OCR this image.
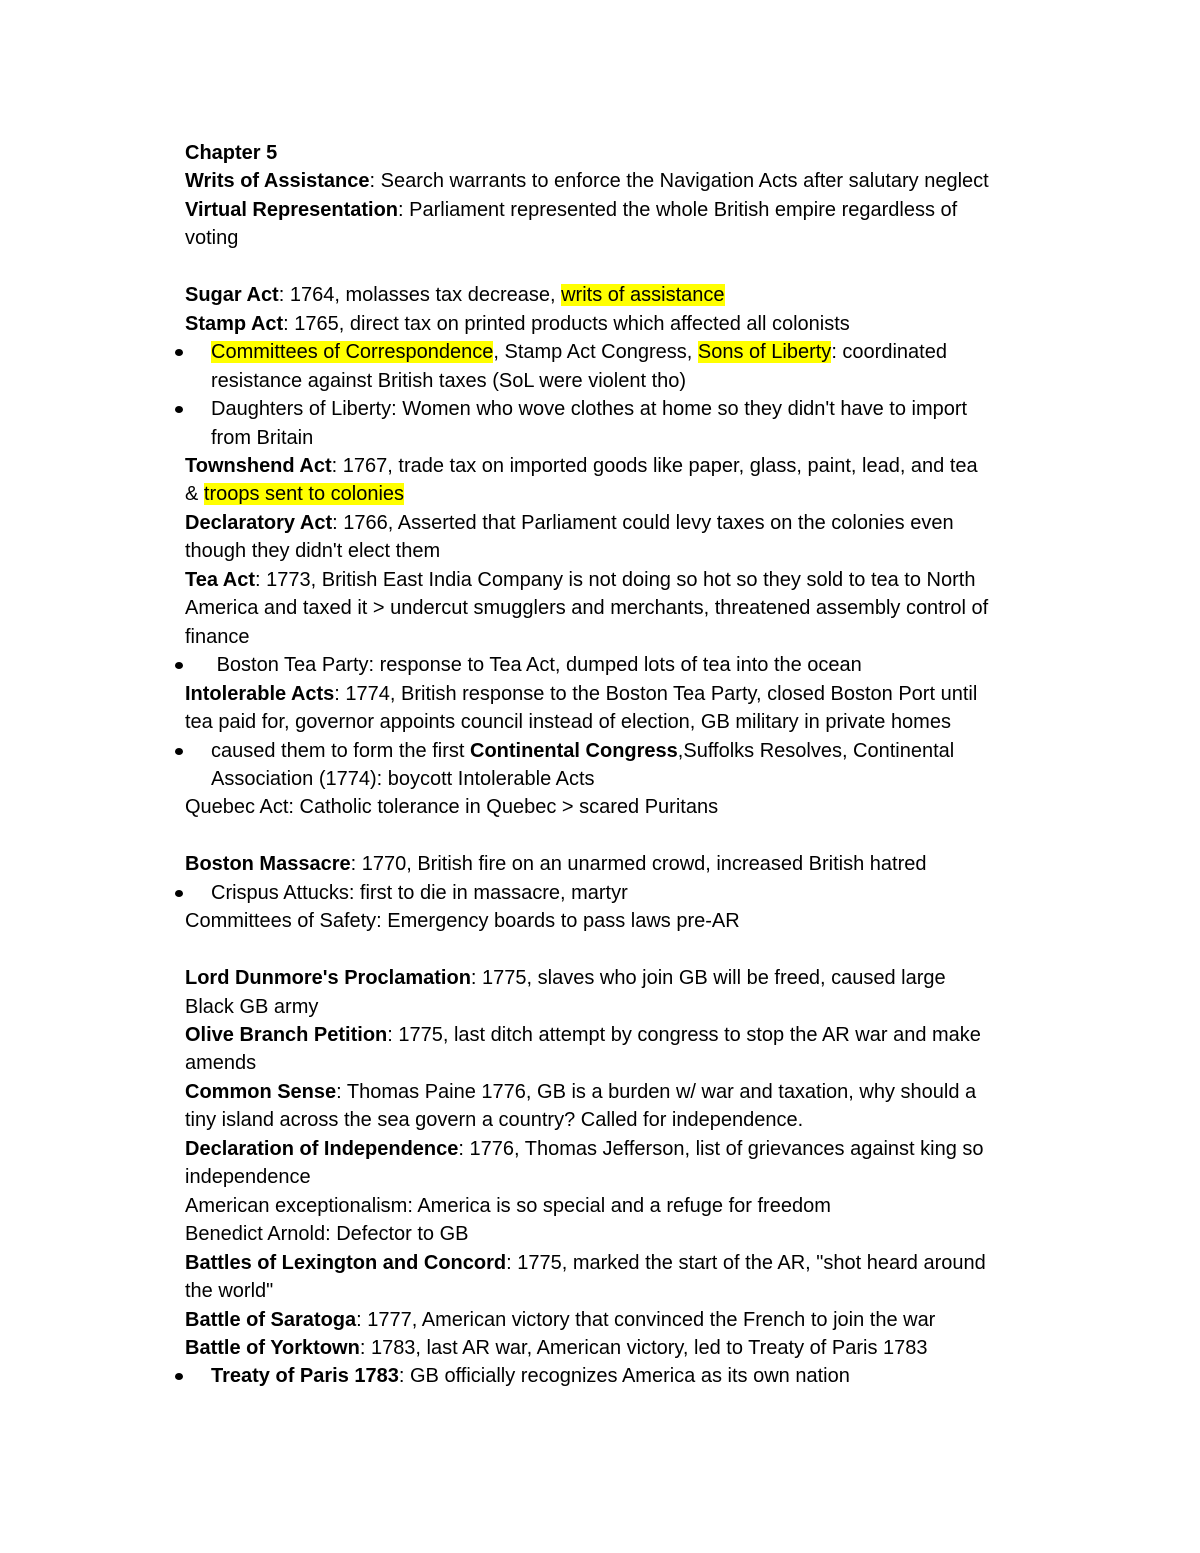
Chapter 5

Writs of Assistance: Search warrants to enforce the Navigation Acts after salutary neglect

Virtual Representation: Parliament represented the whole British empire regardless of

voting

Sugar Act: 1764, molasses tax decrease, writs of assistance

Stamp Act: 1765, direct tax on printed products which affected all colonists

Committees of Correspondence, Stamp Act Congress, Sons of Liberty: coordinated

resistance against British taxes (SoL were violent tho)

Daughters of Liberty: Women who wove clothes at home so they didn't have to import

from Britain

Townshend Act: 1767, trade tax on imported goods like paper, glass, paint, lead, and tea

& troops sent to colonies

Declaratory Act: 1766, Asserted that Parliament could levy taxes on the colonies even

though they didn't elect them

Tea Act: 1773, British East India Company is not doing so hot so they sold to tea to North

America and taxed it > undercut smugglers and merchants, threatened assembly control of

finance

Boston Tea Party: response to Tea Act, dumped lots of tea into the ocean

Intolerable Acts: 1774, British response to the Boston Tea Party, closed Boston Port until

tea paid for, governor appoints council instead of election, GB military in private homes

caused them to form the first Continental Congress,Suffolks Resolves, Continental

Association (1774): boycott Intolerable Acts

Quebec Act: Catholic tolerance in Quebec > scared Puritans

Boston Massacre: 1770, British fire on an unarmed crowd, increased British hatred

Crispus Attucks: first to die in massacre, martyr

Committees of Safety: Emergency boards to pass laws pre-AR

Lord Dunmore's Proclamation: 1775, slaves who join GB will be freed, caused large

Black GB army

Olive Branch Petition: 1775, last ditch attempt by congress to stop the AR war and make

amends

Common Sense: Thomas Paine 1776, GB is a burden w/ war and taxation, why should a

tiny island across the sea govern a country? Called for independence.

Declaration of Independence: 1776, Thomas Jefferson, list of grievances against king so

independence

American exceptionalism: America is so special and a refuge for freedom

Benedict Arnold: Defector to GB

Battles of Lexington and Concord: 1775, marked the start of the AR, "shot heard around

the world"

Battle of Saratoga: 1777, American victory that convinced the French to join the war

Battle of Yorktown: 1783, last AR war, American victory, led to Treaty of Paris 1783

Treaty of Paris 1783: GB officially recognizes America as its own nation
